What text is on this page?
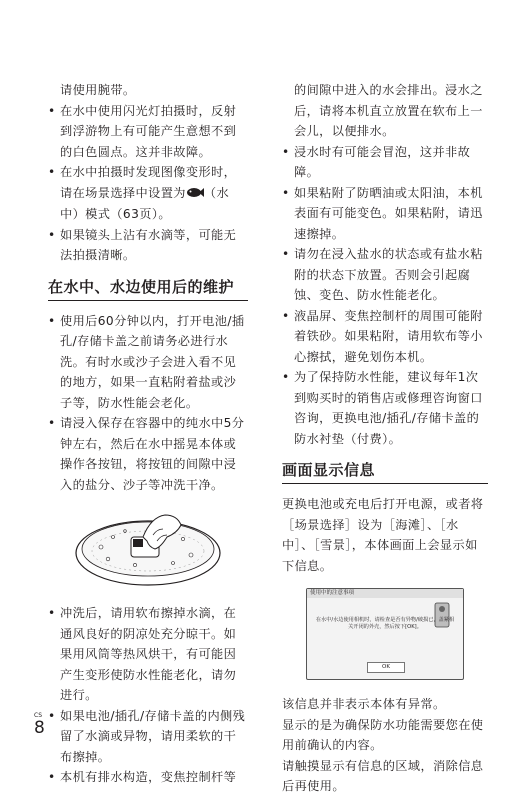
请使用腕带。

• 在水中使用闪光灯拍摄时，反射到浮游物上有可能产生意想不到的白色圆点。这并非故障。
• 在水中拍摄时发现图像变形时，请在场景选择中设置为 （水中）模式（63页）。
• 如果镜头上沾有水滴等，可能无法拍摄清晰。
在水中、水边使用后的维护
• 使用后60分钟以内，打开电池/插孔/存储卡盖之前请务必进行水洗。有时水或沙子会进入看不见的地方，如果一直粘附着盐或沙子等，防水性能会老化。
• 请浸入保存在容器中的纯水中5分钟左右，然后在水中摇晃本体或操作各按钮，将按钮的间隙中浸入的盐分、沙子等冲洗干净。
• 冲洗后，请用软布擦掉水滴，在通风良好的阴凉处充分晾干。如果用风筒等热风烘干，有可能因产生变形使防水性能老化，请勿进行。
• 如果电池/插孔/存储卡盖的内侧残留了水滴或异物，请用柔软的干布擦掉。
• 本机有排水构造，变焦控制杆等

的间隙中进入的水会排出。浸水之后，请将本机直立放置在软布上一会儿，以便排水。

• 浸水时有可能会冒泡，这并非故障。
• 如果粘附了防晒油或太阳油，本机表面有可能变色。如果粘附，请迅速擦掉。
• 请勿在浸入盐水的状态或有盐水粘附的状态下放置。否则会引起腐蚀、变色、防水性能老化。
• 液晶屏、变焦控制杆的周围可能附着铁砂。如果粘附，请用软布等小心擦拭，避免划伤本机。
• 为了保持防水性能，建议每年1次到购买时的销售店或修理咨询窗口咨询，更换电池/插孔/存储卡盖的防水衬垫（付费）。
画面显示信息

更换电池或充电后打开电源，或者将［场景选择］设为［海滩］、［水中］、［雪景］，本体画面上会显示如下信息。

使用中的注意事项
在水中/水边使用相机时，请检查是否有异物/破损已，盖紧相关开闭的外壳，然后按下[OK]。
OK

该信息并非表示本体有异常。

显示的是为确保防水功能需要您在使用前确认的内容。

请触摸显示有信息的区域，消除信息后再使用。

CS
8
